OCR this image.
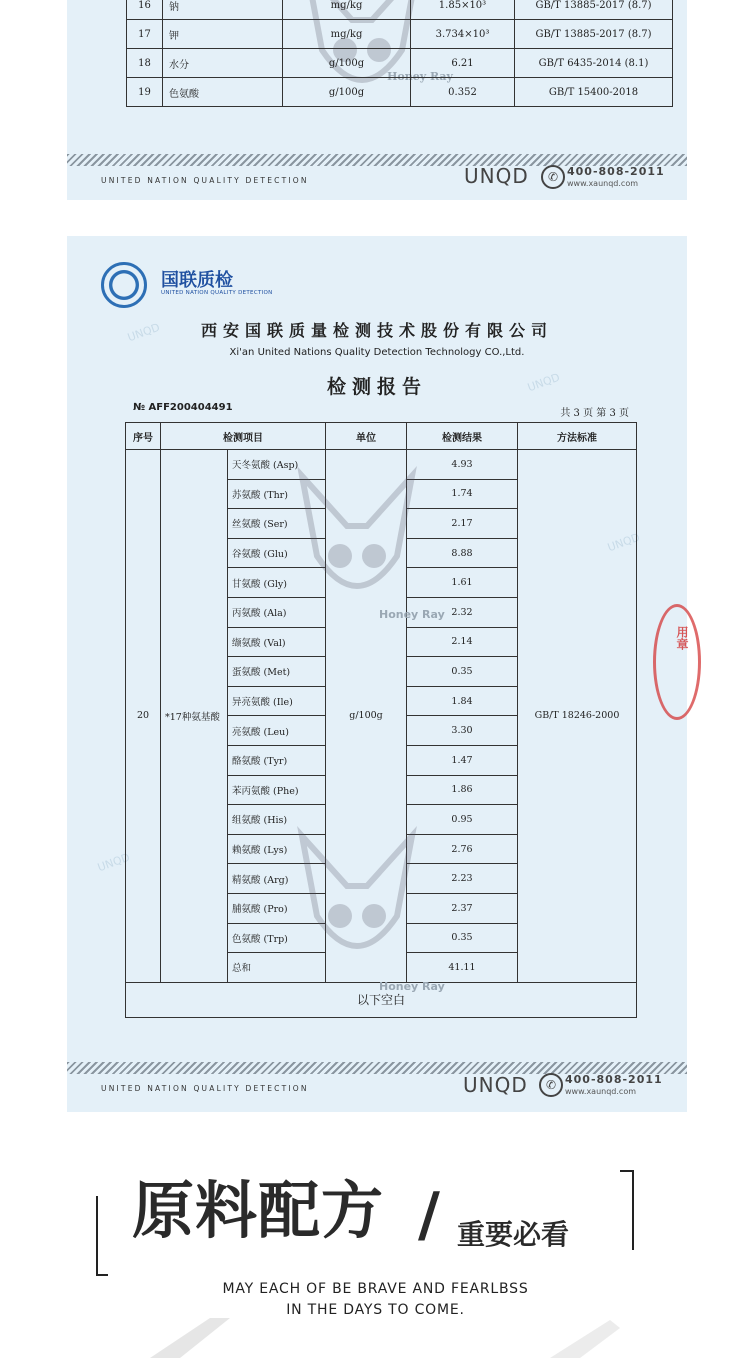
Honey Ray
16	钠	mg/kg	1.85×10³	GB/T 13885-2017 (8.7)
17	钾	mg/kg	3.734×10³	GB/T 13885-2017 (8.7)
18	水分	g/100g	6.21	GB/T 6435-2014 (8.1)
19	色氨酸	g/100g	0.352	GB/T 15400-2018
UNITED NATION QUALITY DETECTION	UNQD	✆ 400-808-2011
www.xaunqd.com
UNQD
UNQD
UNQD
UNQD
国联质检
UNITED NATION QUALITY DETECTION
西安国联质量检测技术股份有限公司
Xi'an United Nations Quality Detection Technology CO.,Ltd.
检测报告
№ AFF200404491
共 3 页 第 3 页
序号	检测项目		单位	检测结果	方法标准
20	*17种氨基酸	天冬氨酸 (Asp)	g/100g	4.93	GB/T 18246-2000
		苏氨酸 (Thr)		1.74	
		丝氨酸 (Ser)		2.17	
		谷氨酸 (Glu)		8.88	
		甘氨酸 (Gly)		1.61	
		丙氨酸 (Ala)		2.32	
		缬氨酸 (Val)		2.14	
		蛋氨酸 (Met)		0.35	
		异亮氨酸 (Ile)		1.84	
		亮氨酸 (Leu)		3.30	
		酪氨酸 (Tyr)		1.47	
		苯丙氨酸 (Phe)		1.86	
		组氨酸 (His)		0.95	
		赖氨酸 (Lys)		2.76	
		精氨酸 (Arg)		2.23	
		脯氨酸 (Pro)		2.37	
		色氨酸 (Trp)		0.35	
		总和		41.11	
以下空白					
Honey Ray
Honey Ray
用章
UNITED NATION QUALITY DETECTION	UNQD	✆ 400-808-2011
www.xaunqd.com
原料配方 / 重要必看
MAY EACH OF BE BRAVE AND FEARLBSS
IN THE DAYS TO COME.
